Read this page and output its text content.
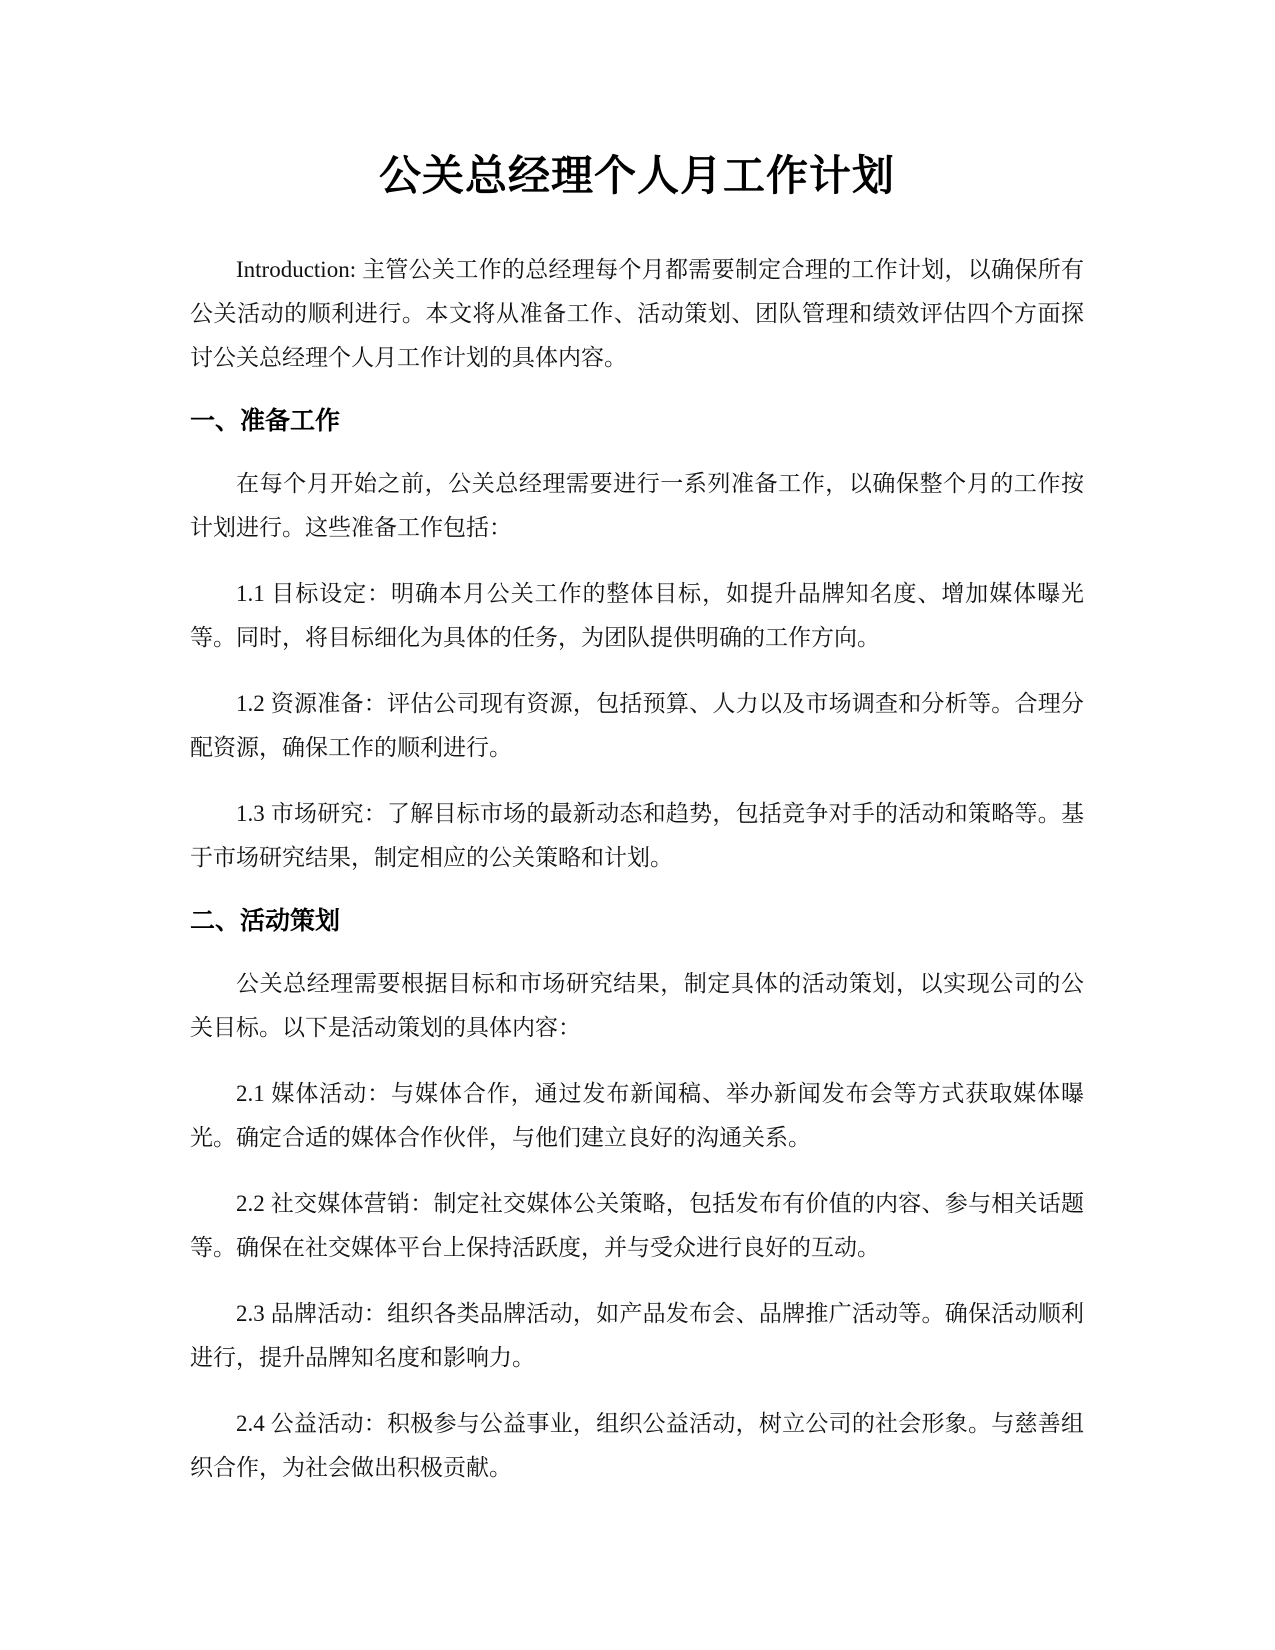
公关总经理个人月工作计划

Introduction: 主管公关工作的总经理每个月都需要制定合理的工作计划，以确保所有公关活动的顺利进行。本文将从准备工作、活动策划、团队管理和绩效评估四个方面探讨公关总经理个人月工作计划的具体内容。

一、准备工作

在每个月开始之前，公关总经理需要进行一系列准备工作，以确保整个月的工作按计划进行。这些准备工作包括：

1.1 目标设定：明确本月公关工作的整体目标，如提升品牌知名度、增加媒体曝光等。同时，将目标细化为具体的任务，为团队提供明确的工作方向。

1.2 资源准备：评估公司现有资源，包括预算、人力以及市场调查和分析等。合理分配资源，确保工作的顺利进行。

1.3 市场研究：了解目标市场的最新动态和趋势，包括竞争对手的活动和策略等。基于市场研究结果，制定相应的公关策略和计划。

二、活动策划

公关总经理需要根据目标和市场研究结果，制定具体的活动策划，以实现公司的公关目标。以下是活动策划的具体内容：

2.1 媒体活动：与媒体合作，通过发布新闻稿、举办新闻发布会等方式获取媒体曝光。确定合适的媒体合作伙伴，与他们建立良好的沟通关系。

2.2 社交媒体营销：制定社交媒体公关策略，包括发布有价值的内容、参与相关话题等。确保在社交媒体平台上保持活跃度，并与受众进行良好的互动。

2.3 品牌活动：组织各类品牌活动，如产品发布会、品牌推广活动等。确保活动顺利进行，提升品牌知名度和影响力。

2.4 公益活动：积极参与公益事业，组织公益活动，树立公司的社会形象。与慈善组织合作，为社会做出积极贡献。
